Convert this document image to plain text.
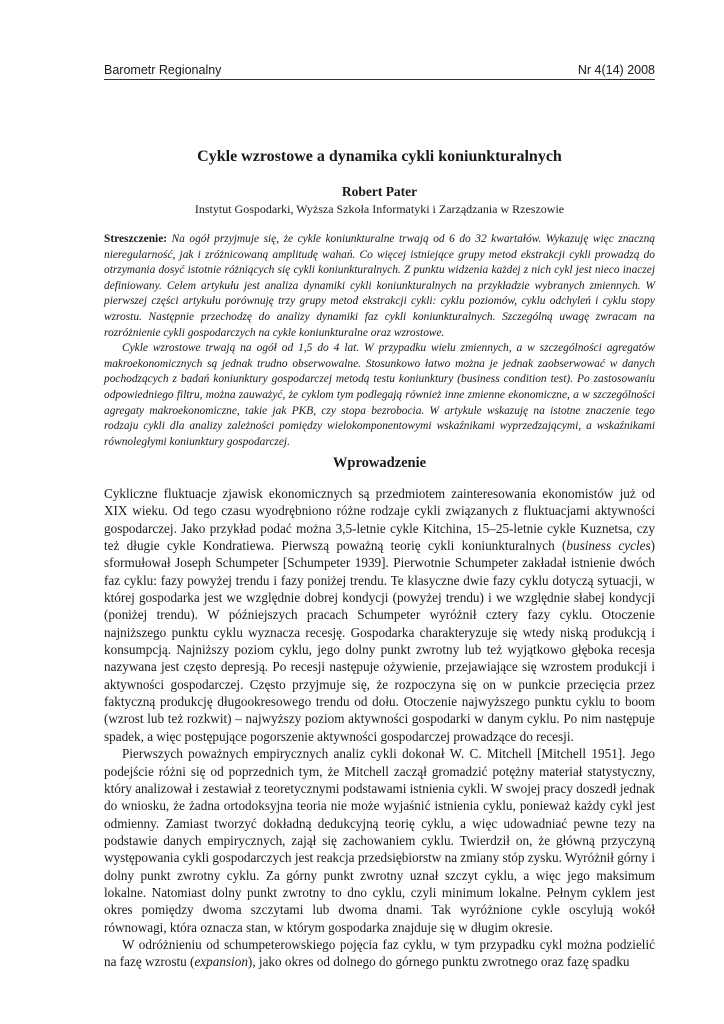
Barometr Regionalny	Nr 4(14) 2008
Cykle wzrostowe a dynamika cykli koniunkturalnych
Robert Pater
Instytut Gospodarki, Wyższa Szkoła Informatyki i Zarządzania w Rzeszowie

Streszczenie: Na ogół przyjmuje się, że cykle koniunkturalne trwają od 6 do 32 kwartałów. Wykazuję więc znaczną nieregularność, jak i zróżnicowaną amplitudę wahań. Co więcej istniejące grupy metod ekstrakcji cykli prowadzą do otrzymania dosyć istotnie różniących się cykli koniunkturalnych. Z punktu widzenia każdej z nich cykl jest nieco inaczej definiowany. Celem artykułu jest analiza dynamiki cykli koniunkturalnych na przykładzie wybranych zmiennych. W pierwszej części artykułu porównuję trzy grupy metod ekstrakcji cykli: cyklu poziomów, cyklu odchyleń i cyklu stopy wzrostu. Następnie przechodzę do analizy dynamiki faz cykli koniunkturalnych. Szczególną uwagę zwracam na rozróżnienie cykli gospodarczych na cykle koniunkturalne oraz wzrostowe.

Cykle wzrostowe trwają na ogół od 1,5 do 4 lat. W przypadku wielu zmiennych, a w szczególności agregatów makroekonomicznych są jednak trudno obserwowalne. Stosunkowo łatwo można je jednak zaobserwować w danych pochodzących z badań koniunktury gospodarczej metodą testu koniunktury (business condition test). Po zastosowaniu odpowiedniego filtru, można zauważyć, że cyklom tym podlegają również inne zmienne ekonomiczne, a w szczególności agregaty makroekonomiczne, takie jak PKB, czy stopa bezrobocia. W artykule wskazuję na istotne znaczenie tego rodzaju cykli dla analizy zależności pomiędzy wielokomponentowymi wskaźnikami wyprzedzającymi, a wskaźnikami równoległymi koniunktury gospodarczej.

Wprowadzenie

Cykliczne fluktuacje zjawisk ekonomicznych są przedmiotem zainteresowania ekonomistów już od XIX wieku. Od tego czasu wyodrębniono różne rodzaje cykli związanych z fluktuacjami aktywności gospodarczej. Jako przykład podać można 3,5-letnie cykle Kitchina, 15–25-letnie cykle Kuznetsa, czy też długie cykle Kondratiewa. Pierwszą poważną teorię cykli koniunkturalnych (business cycles) sformułował Joseph Schumpeter [Schumpeter 1939]. Pierwotnie Schumpeter zakładał istnienie dwóch faz cyklu: fazy powyżej trendu i fazy poniżej trendu. Te klasyczne dwie fazy cyklu dotyczą sytuacji, w której gospodarka jest we względnie dobrej kondycji (powyżej trendu) i we względnie słabej kondycji (poniżej trendu). W późniejszych pracach Schumpeter wyróżnił cztery fazy cyklu. Otoczenie najniższego punktu cyklu wyznacza recesję. Gospodarka charakteryzuje się wtedy niską produkcją i konsumpcją. Najniższy poziom cyklu, jego dolny punkt zwrotny lub też wyjątkowo głęboka recesja nazywana jest często depresją. Po recesji następuje ożywienie, przejawiające się wzrostem produkcji i aktywności gospodarczej. Często przyjmuje się, że rozpoczyna się on w punkcie przecięcia przez faktyczną produkcję długookresowego trendu od dołu. Otoczenie najwyższego punktu cyklu to boom (wzrost lub też rozkwit) – najwyższy poziom aktywności gospodarki w danym cyklu. Po nim następuje spadek, a więc postępujące pogorszenie aktywności gospodarczej prowadzące do recesji.

Pierwszych poważnych empirycznych analiz cykli dokonał W. C. Mitchell [Mitchell 1951]. Jego podejście różni się od poprzednich tym, że Mitchell zaczął gromadzić potężny materiał statystyczny, który analizował i zestawiał z teoretycznymi podstawami istnienia cykli. W swojej pracy doszedł jednak do wniosku, że żadna ortodoksyjna teoria nie może wyjaśnić istnienia cyklu, ponieważ każdy cykl jest odmienny. Zamiast tworzyć dokładną dedukcyjną teorię cyklu, a więc udowadniać pewne tezy na podstawie danych empirycznych, zajął się zachowaniem cyklu. Twierdził on, że główną przyczyną występowania cykli gospodarczych jest reakcja przedsiębiorstw na zmiany stóp zysku. Wyróżnił górny i dolny punkt zwrotny cyklu. Za górny punkt zwrotny uznał szczyt cyklu, a więc jego maksimum lokalne. Natomiast dolny punkt zwrotny to dno cyklu, czyli minimum lokalne. Pełnym cyklem jest okres pomiędzy dwoma szczytami lub dwoma dnami. Tak wyróżnione cykle oscylują wokół równowagi, która oznacza stan, w którym gospodarka znajduje się w długim okresie.

W odróżnieniu od schumpeterowskiego pojęcia faz cyklu, w tym przypadku cykl można podzielić na fazę wzrostu (expansion), jako okres od dolnego do górnego punktu zwrotnego oraz fazę spadku
